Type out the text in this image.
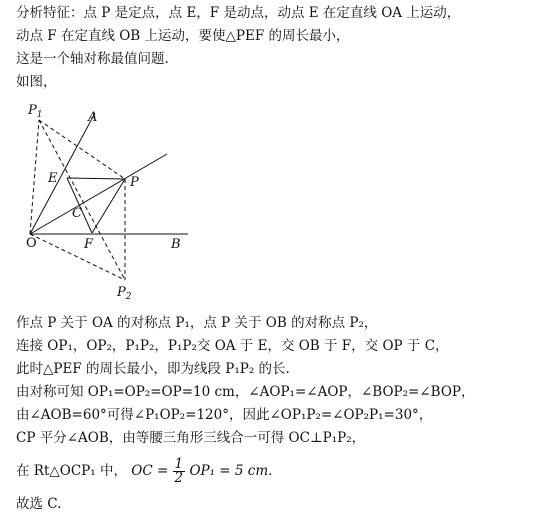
分析特征：点 P 是定点，点 E，F 是动点，动点 E 在定直线 OA 上运动，
动点 F 在定直线 OB 上运动，要使△PEF 的周长最小，
这是一个轴对称最值问题.
如图，
$P_1$	A
E	P
C
O	F	B
$P_2$
作点 P 关于 OA 的对称点 P₁，点 P 关于 OB 的对称点 P₂，
连接 OP₁，OP₂，P₁P₂，P₁P₂交 OA 于 E，交 OB 于 F，交 OP 于 C，
此时△PEF 的周长最小，即为线段 P₁P₂ 的长.
由对称可知 OP₁=OP₂=OP=10 cm，∠AOP₁=∠AOP，∠BOP₂=∠BOP，
由∠AOB=60°可得∠P₁OP₂=120°，因此∠OP₁P₂=∠OP₂P₁=30°，
CP 平分∠AOB，由等腰三角形三线合一可得 OC⊥P₁P₂，
在 Rt△OCP₁ 中， OC = $\frac{1}{2} OP_1 = 5$ cm.
故选 C.
